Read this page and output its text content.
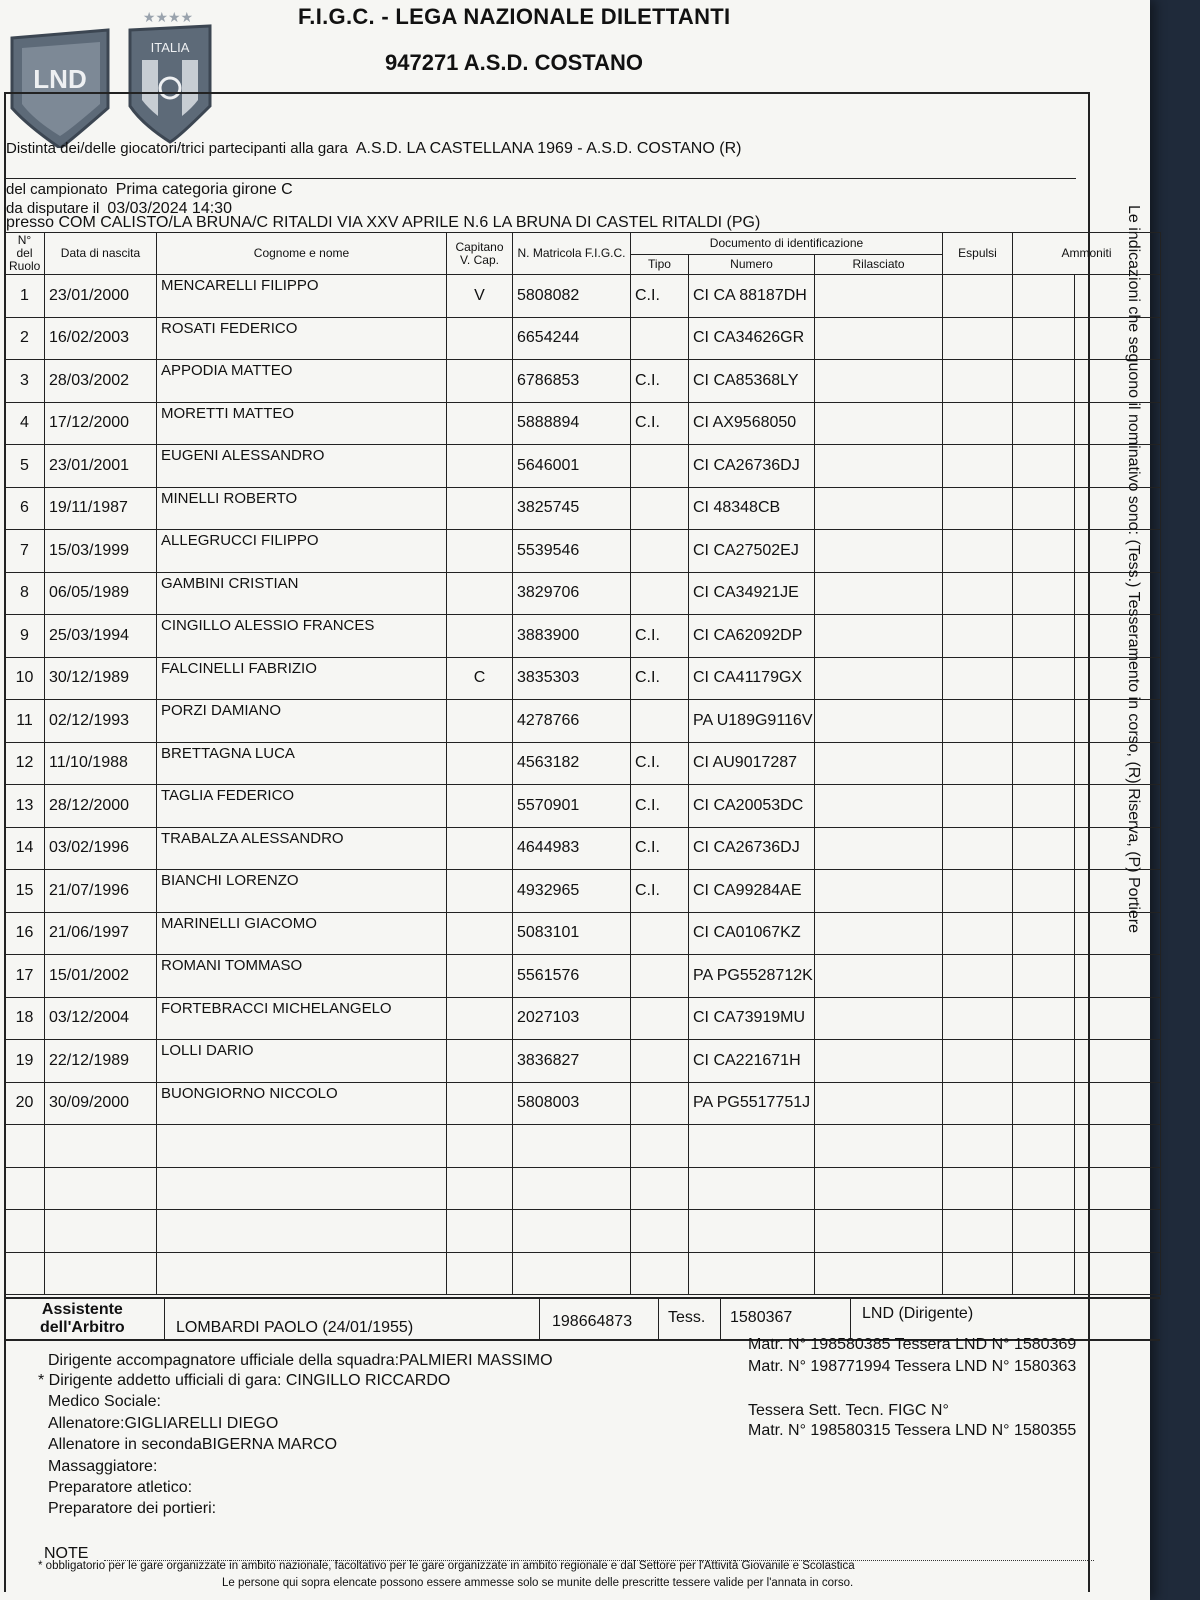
LND
★★★★
ITALIA
F.I.G.C. - LEGA NAZIONALE DILETTANTI
947271 A.S.D. COSTANO
Distinta dei/delle giocatori/trici partecipanti alla gara A.S.D. LA CASTELLANA 1969 - A.S.D. COSTANO (R)
del campionato Prima categoria girone C
da disputare il 03/03/2024 14:30
presso COM CALISTO/LA BRUNA/C RITALDI VIA XXV APRILE N.6 LA BRUNA DI CASTEL RITALDI (PG)
N° del Ruolo	Data di nascita	Cognome e nome	Capitano V. Cap.	N. Matricola F.I.G.C.	Documento di identificazione			Espulsi	Ammoniti	
					Tipo	Numero	Rilasciato			
1	23/01/2000	MENCARELLI FILIPPO	V	5808082	C.I.	CI CA 88187DH				
2	16/02/2003	ROSATI FEDERICO		6654244		CI CA34626GR				
3	28/03/2002	APPODIA MATTEO		6786853	C.I.	CI CA85368LY				
4	17/12/2000	MORETTI MATTEO		5888894	C.I.	CI AX9568050				
5	23/01/2001	EUGENI ALESSANDRO		5646001		CI CA26736DJ				
6	19/11/1987	MINELLI ROBERTO		3825745		CI 48348CB				
7	15/03/1999	ALLEGRUCCI FILIPPO		5539546		CI CA27502EJ				
8	06/05/1989	GAMBINI CRISTIAN		3829706		CI CA34921JE				
9	25/03/1994	CINGILLO ALESSIO FRANCES		3883900	C.I.	CI CA62092DP				
10	30/12/1989	FALCINELLI FABRIZIO	C	3835303	C.I.	CI CA41179GX				
11	02/12/1993	PORZI DAMIANO		4278766		PA U189G9116V				
12	11/10/1988	BRETTAGNA LUCA		4563182	C.I.	CI AU9017287				
13	28/12/2000	TAGLIA FEDERICO		5570901	C.I.	CI CA20053DC				
14	03/02/1996	TRABALZA ALESSANDRO		4644983	C.I.	CI CA26736DJ				
15	21/07/1996	BIANCHI LORENZO		4932965	C.I.	CI CA99284AE				
16	21/06/1997	MARINELLI GIACOMO		5083101		CI CA01067KZ				
17	15/01/2002	ROMANI TOMMASO		5561576		PA PG5528712K				
18	03/12/2004	FORTEBRACCI MICHELANGELO		2027103		CI CA73919MU				
19	22/12/1989	LOLLI DARIO		3836827		CI CA221671H				
20	30/09/2000	BUONGIORNO NICCOLO		5808003		PA PG5517751J				

Assistente
dell'Arbitro	LOMBARDI PAOLO (24/01/1955)	198664873 Tess. 1580367	LND (Dirigente)
Dirigente accompagnatore ufficiale della squadra:PALMIERI MASSIMO
* Dirigente addetto ufficiali di gara: CINGILLO RICCARDO
Medico Sociale:
Allenatore:GIGLIARELLI DIEGO
Allenatore in secondaBIGERNA MARCO
Massaggiatore:
Preparatore atletico:
Preparatore dei portieri:
Matr. N° 198580385 Tessera LND N° 1580369
Matr. N° 198771994 Tessera LND N° 1580363
Tessera Sett. Tecn. FIGC N°
Matr. N° 198580315 Tessera LND N° 1580355
NOTE
* obbligatorio per le gare organizzate in ambito nazionale, facoltativo per le gare organizzate in ambito regionale e dal Settore per l'Attività Giovanile e Scolastica
Le persone qui sopra elencate possono essere ammesse solo se munite delle prescritte tessere valide per l'annata in corso.
Le indicazioni che seguono il nominativo sono: (Tess.) Tesseramento in corso, (R) Riserva, (P) Portiere
